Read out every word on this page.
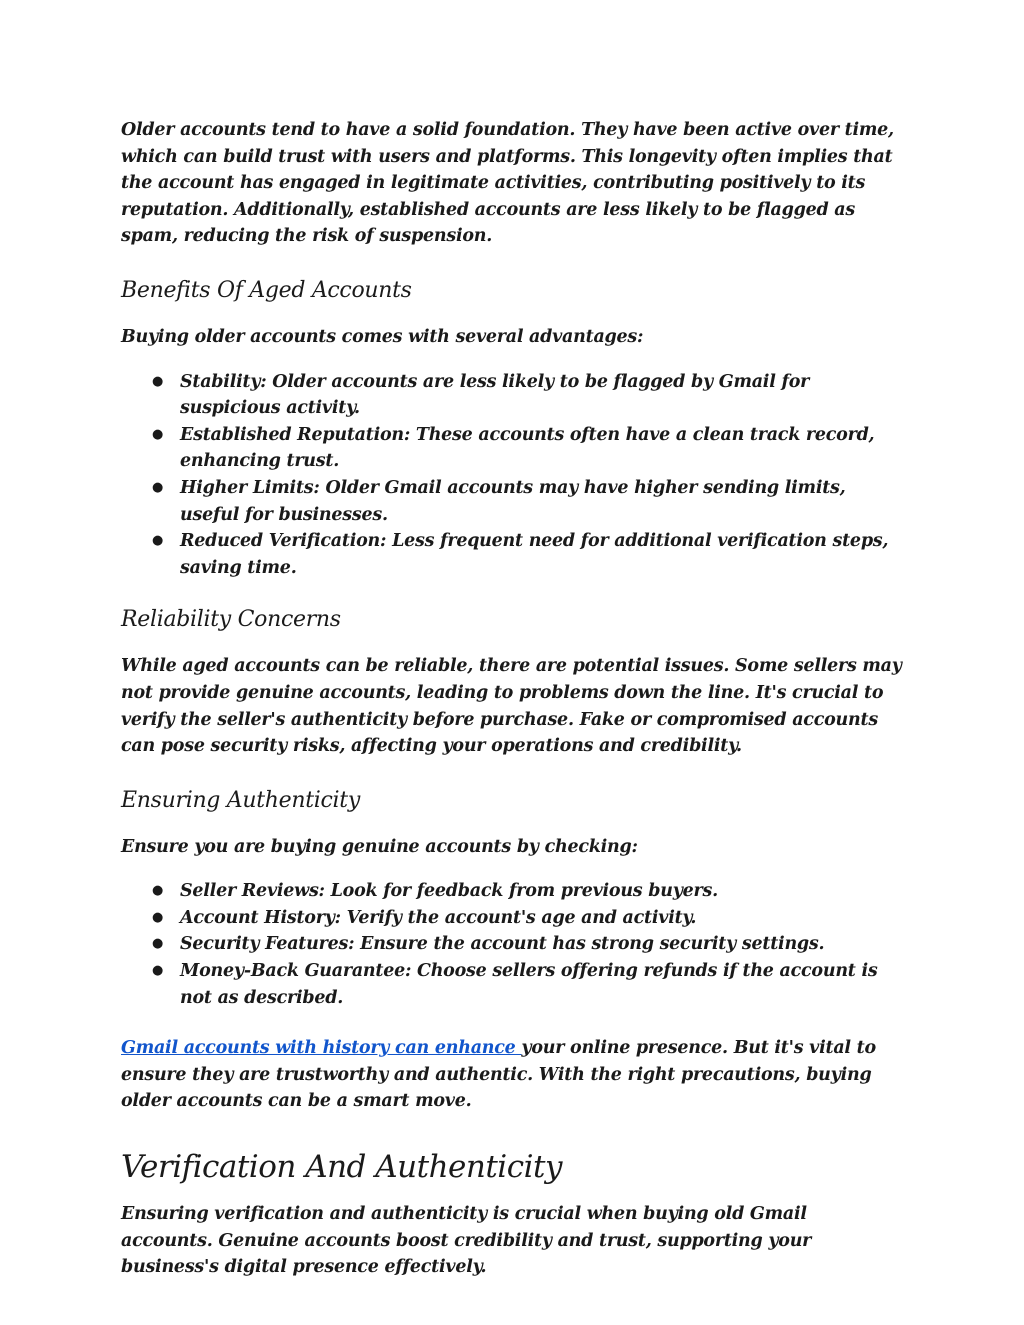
Older accounts tend to have a solid foundation. They have been active over time, which can build trust with users and platforms. This longevity often implies that the account has engaged in legitimate activities, contributing positively to its reputation. Additionally, established accounts are less likely to be flagged as spam, reducing the risk of suspension.

Benefits Of Aged Accounts

Buying older accounts comes with several advantages:

● Stability: Older accounts are less likely to be flagged by Gmail for suspicious activity.
● Established Reputation: These accounts often have a clean track record, enhancing trust.
● Higher Limits: Older Gmail accounts may have higher sending limits, useful for businesses.
● Reduced Verification: Less frequent need for additional verification steps, saving time.
Reliability Concerns

While aged accounts can be reliable, there are potential issues. Some sellers may not provide genuine accounts, leading to problems down the line. It's crucial to verify the seller's authenticity before purchase. Fake or compromised accounts can pose security risks, affecting your operations and credibility.

Ensuring Authenticity

Ensure you are buying genuine accounts by checking:

● Seller Reviews: Look for feedback from previous buyers.
● Account History: Verify the account's age and activity.
● Security Features: Ensure the account has strong security settings.
● Money-Back Guarantee: Choose sellers offering refunds if the account is not as described.

Gmail accounts with history can enhance your online presence. But it's vital to ensure they are trustworthy and authentic. With the right precautions, buying older accounts can be a smart move.

Verification And Authenticity

Ensuring verification and authenticity is crucial when buying old Gmail accounts. Genuine accounts boost credibility and trust, supporting your business's digital presence effectively.
